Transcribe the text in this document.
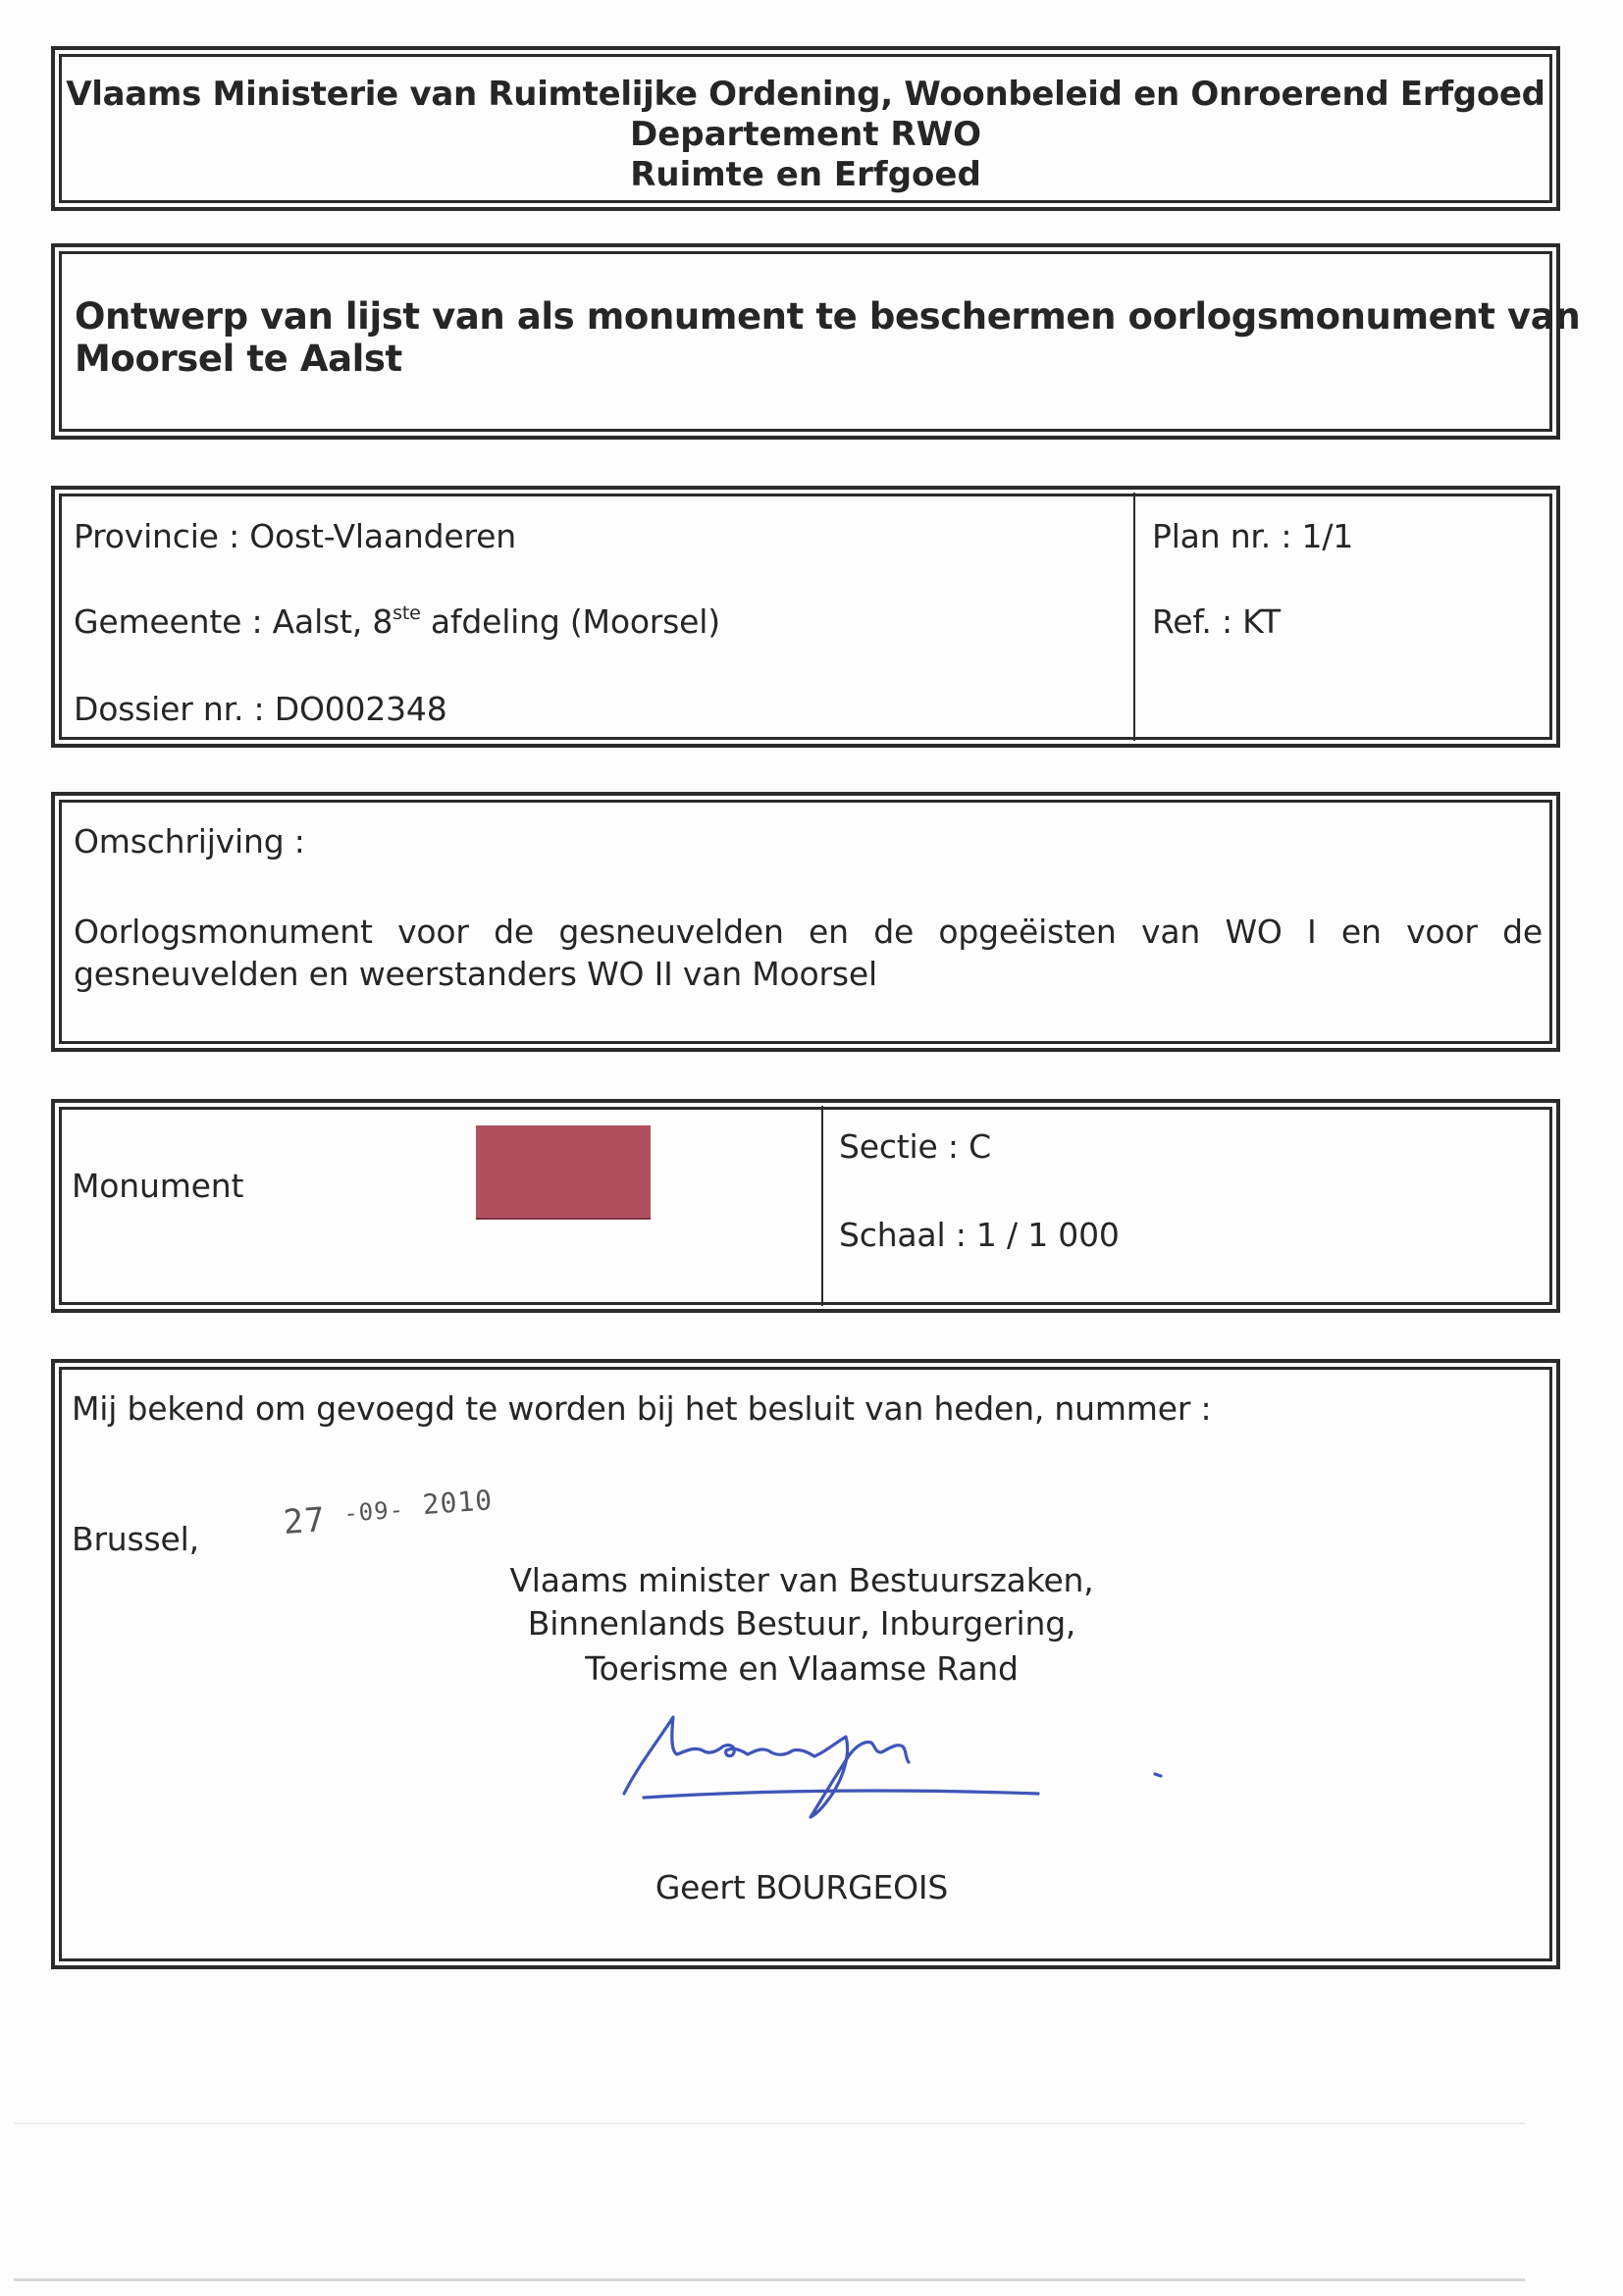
Vlaams Ministerie van Ruimtelijke Ordening, Woonbeleid en Onroerend Erfgoed
Departement RWO
Ruimte en Erfgoed
Ontwerp van lijst van als monument te beschermen oorlogsmonument van
Moorsel te Aalst
Provincie : Oost-Vlaanderen
Gemeente : Aalst, 8ste afdeling (Moorsel)
Dossier nr. : DO002348
Plan nr. : 1/1
Ref. : KT
Omschrijving :
Oorlogsmonument voor de gesneuvelden en de opgeëisten van WO I en voor de
gesneuvelden en weerstanders WO II van Moorsel
Monument
Sectie : C
Schaal : 1 / 1 000
Mij bekend om gevoegd te worden bij het besluit van heden, nummer :
Brussel, 27 $^{-09-}$ 2010
Vlaams minister van Bestuurszaken,
Binnenlands Bestuur, Inburgering,
Toerisme en Vlaamse Rand
Geert BOURGEOIS
